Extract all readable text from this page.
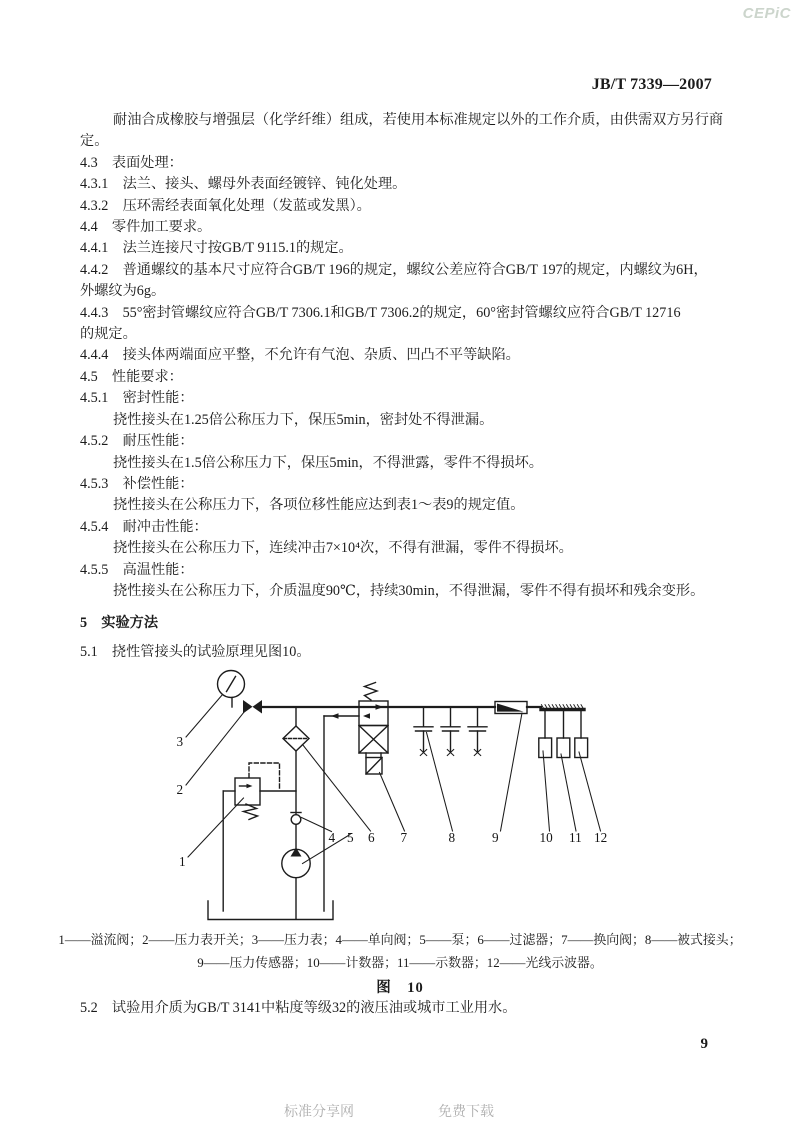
CEPiC
JB/T 7339—2007
耐油合成橡胶与增强层（化学纤维）组成，若使用本标准规定以外的工作介质，由供需双方另行商
定。
4.3　表面处理：
4.3.1　法兰、接头、螺母外表面经镀锌、钝化处理。
4.3.2　压环需经表面氧化处理（发蓝或发黑）。
4.4　零件加工要求。
4.4.1　法兰连接尺寸按GB/T 9115.1的规定。
4.4.2　普通螺纹的基本尺寸应符合GB/T 196的规定，螺纹公差应符合GB/T 197的规定，内螺纹为6H，
外螺纹为6g。
4.4.3　55°密封管螺纹应符合GB/T 7306.1和GB/T 7306.2的规定，60°密封管螺纹应符合GB/T 12716
的规定。
4.4.4　接头体两端面应平整，不允许有气泡、杂质、凹凸不平等缺陷。
4.5　性能要求：
4.5.1　密封性能：
挠性接头在1.25倍公称压力下，保压5min，密封处不得泄漏。
4.5.2　耐压性能：
挠性接头在1.5倍公称压力下，保压5min，不得泄露，零件不得损坏。
4.5.3　补偿性能：
挠性接头在公称压力下，各项位移性能应达到表1～表9的规定值。
4.5.4　耐冲击性能：
挠性接头在公称压力下，连续冲击7×10⁴次，不得有泄漏，零件不得损坏。
4.5.5　高温性能：
挠性接头在公称压力下，介质温度90℃，持续30min，不得泄漏，零件不得有损坏和残余变形。
5　实验方法
5.1　挠性管接头的试验原理见图10。
1
2
3
4 5 6 7	8	9	10 11 12
1——溢流阀；2——压力表开关；3——压力表；4——单向阀；5——泵；6——过滤器；7——换向阀；8——被式接头；
9——压力传感器；10——计数器；11——示数器；12——光线示波器。
图　10
5.2　试验用介质为GB/T 3141中粘度等级32的液压油或城市工业用水。
9
标准分享网	免费下载
